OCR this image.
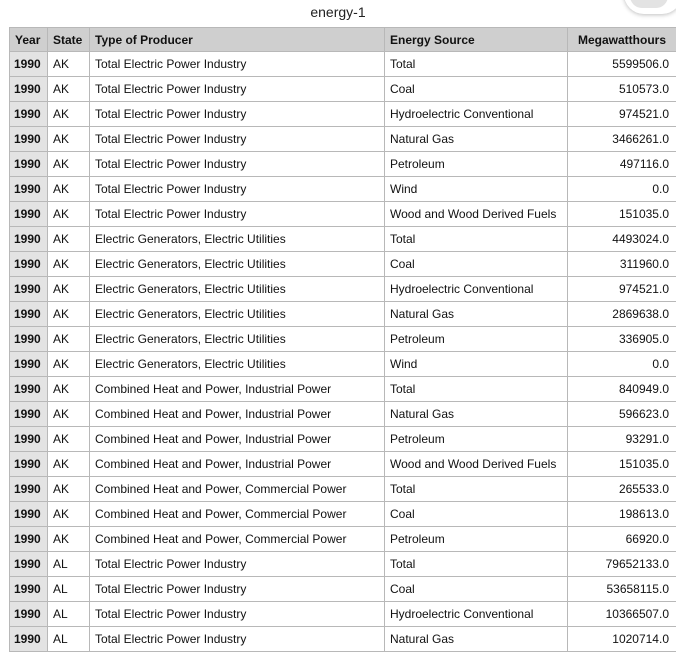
energy-1
Year	State	Type of Producer	Energy Source	Megawatthours
1990	AK	Total Electric Power Industry	Total	5599506.0
1990	AK	Total Electric Power Industry	Coal	510573.0
1990	AK	Total Electric Power Industry	Hydroelectric Conventional	974521.0
1990	AK	Total Electric Power Industry	Natural Gas	3466261.0
1990	AK	Total Electric Power Industry	Petroleum	497116.0
1990	AK	Total Electric Power Industry	Wind	0.0
1990	AK	Total Electric Power Industry	Wood and Wood Derived Fuels	151035.0
1990	AK	Electric Generators, Electric Utilities	Total	4493024.0
1990	AK	Electric Generators, Electric Utilities	Coal	311960.0
1990	AK	Electric Generators, Electric Utilities	Hydroelectric Conventional	974521.0
1990	AK	Electric Generators, Electric Utilities	Natural Gas	2869638.0
1990	AK	Electric Generators, Electric Utilities	Petroleum	336905.0
1990	AK	Electric Generators, Electric Utilities	Wind	0.0
1990	AK	Combined Heat and Power, Industrial Power	Total	840949.0
1990	AK	Combined Heat and Power, Industrial Power	Natural Gas	596623.0
1990	AK	Combined Heat and Power, Industrial Power	Petroleum	93291.0
1990	AK	Combined Heat and Power, Industrial Power	Wood and Wood Derived Fuels	151035.0
1990	AK	Combined Heat and Power, Commercial Power	Total	265533.0
1990	AK	Combined Heat and Power, Commercial Power	Coal	198613.0
1990	AK	Combined Heat and Power, Commercial Power	Petroleum	66920.0
1990	AL	Total Electric Power Industry	Total	79652133.0
1990	AL	Total Electric Power Industry	Coal	53658115.0
1990	AL	Total Electric Power Industry	Hydroelectric Conventional	10366507.0
1990	AL	Total Electric Power Industry	Natural Gas	1020714.0
